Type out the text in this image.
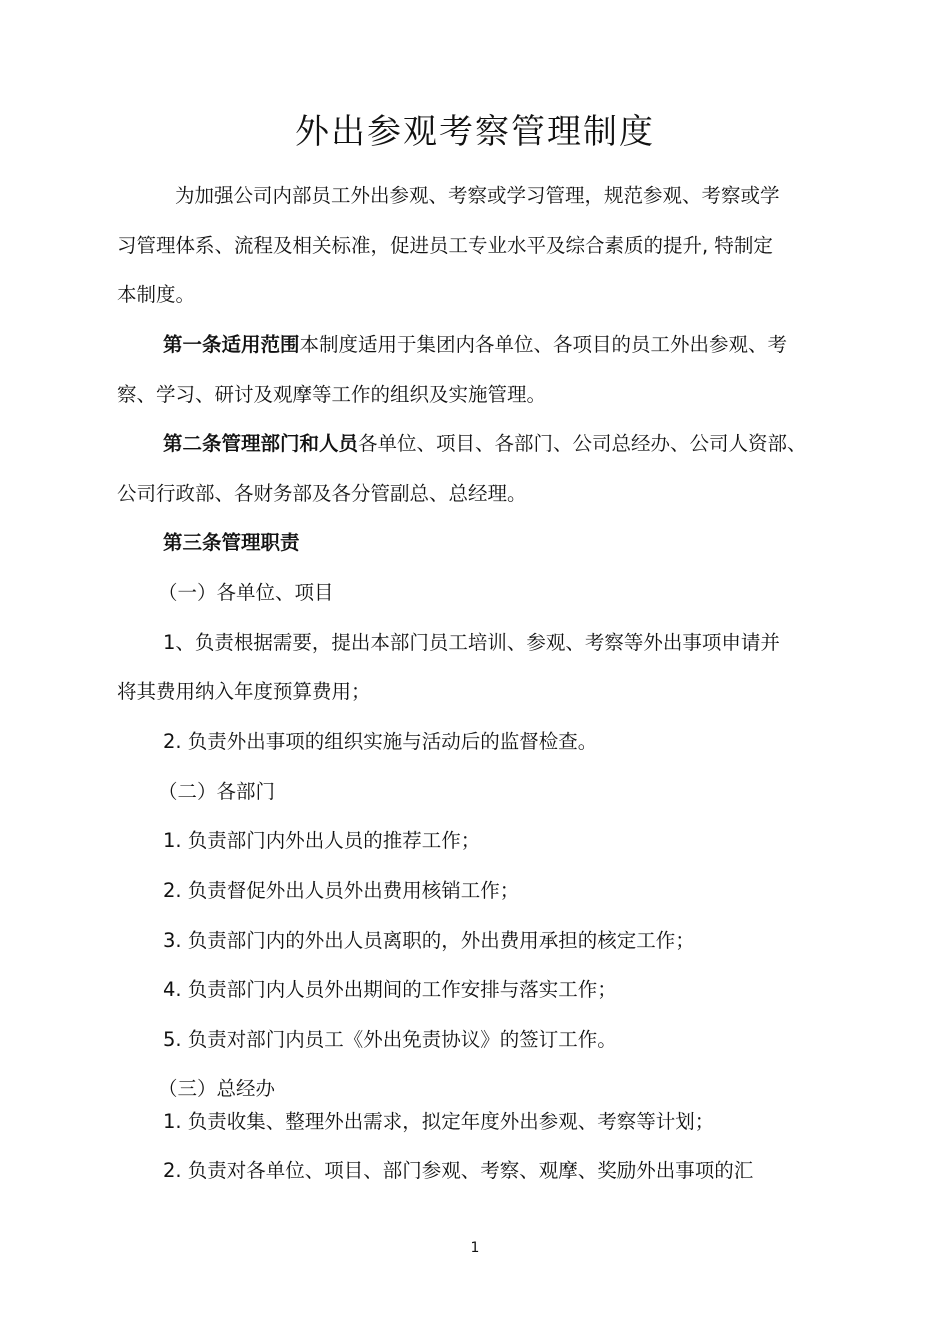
外出参观考察管理制度

为加强公司内部员工外出参观、考察或学习管理，规范参观、考察或学

习管理体系、流程及相关标准，促进员工专业水平及综合素质的提升, 特制定

本制度。

第一条适用范围本制度适用于集团内各单位、各项目的员工外出参观、考

察、学习、研讨及观摩等工作的组织及实施管理。

第二条管理部门和人员各单位、项目、各部门、公司总经办、公司人资部、

公司行政部、各财务部及各分管副总、总经理。

第三条管理职责

（一）各单位、项目

1、负责根据需要，提出本部门员工培训、参观、考察等外出事项申请并

将其费用纳入年度预算费用；

2. 负责外出事项的组织实施与活动后的监督检查。

（二）各部门

1. 负责部门内外出人员的推荐工作；

2. 负责督促外出人员外出费用核销工作；

3. 负责部门内的外出人员离职的，外出费用承担的核定工作；

4. 负责部门内人员外出期间的工作安排与落实工作；

5. 负责对部门内员工《外出免责协议》的签订工作。

（三）总经办

1. 负责收集、整理外出需求，拟定年度外出参观、考察等计划；

2. 负责对各单位、项目、部门参观、考察、观摩、奖励外出事项的汇

1
